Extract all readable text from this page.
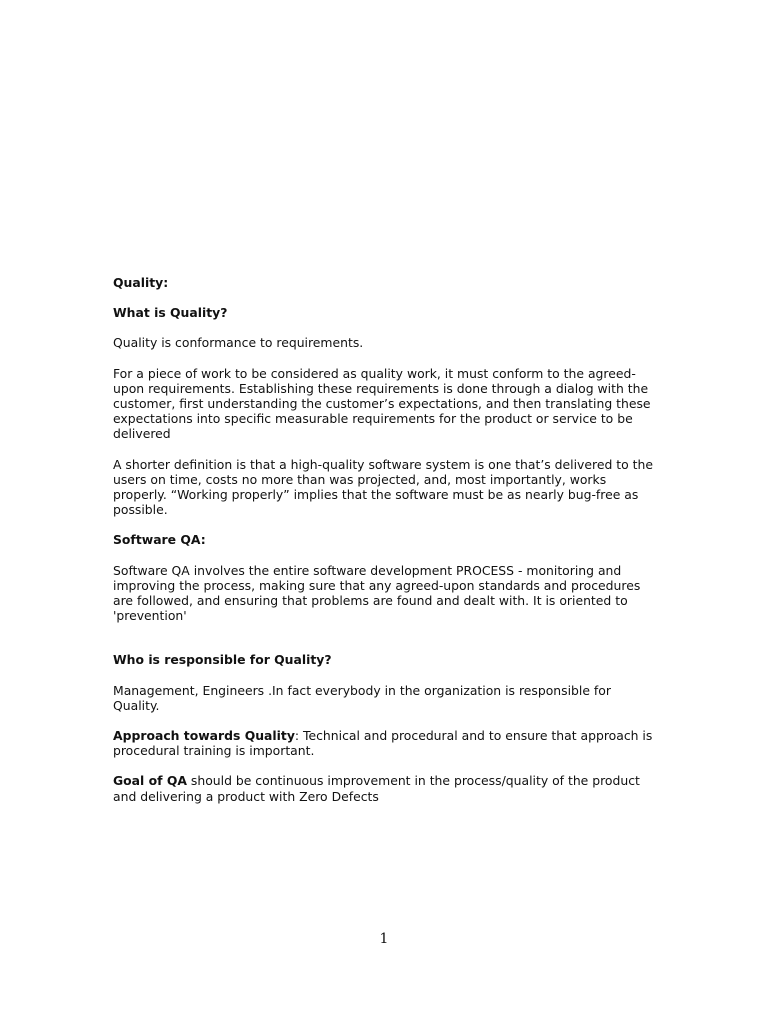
Quality:

What is Quality?

Quality is conformance to requirements.

For a piece of work to be considered as quality work, it must conform to the agreed-upon requirements. Establishing these requirements is done through a dialog with the customer, first understanding the customer’s expectations, and then translating these expectations into specific measurable requirements for the product or service to be delivered

A shorter definition is that a high-quality software system is one that’s delivered to the users on time, costs no more than was projected, and, most importantly, works properly. “Working properly” implies that the software must be as nearly bug-free as possible.

Software QA:

Software QA involves the entire software development PROCESS - monitoring and improving the process, making sure that any agreed-upon standards and procedures are followed, and ensuring that problems are found and dealt with. It is oriented to 'prevention'

Who is responsible for Quality?

Management, Engineers .In fact everybody in the organization is responsible for Quality.

Approach towards Quality: Technical and procedural and to ensure that approach is procedural training is important.

Goal of QA should be continuous improvement in the process/quality of the product and delivering a product with Zero Defects

1
